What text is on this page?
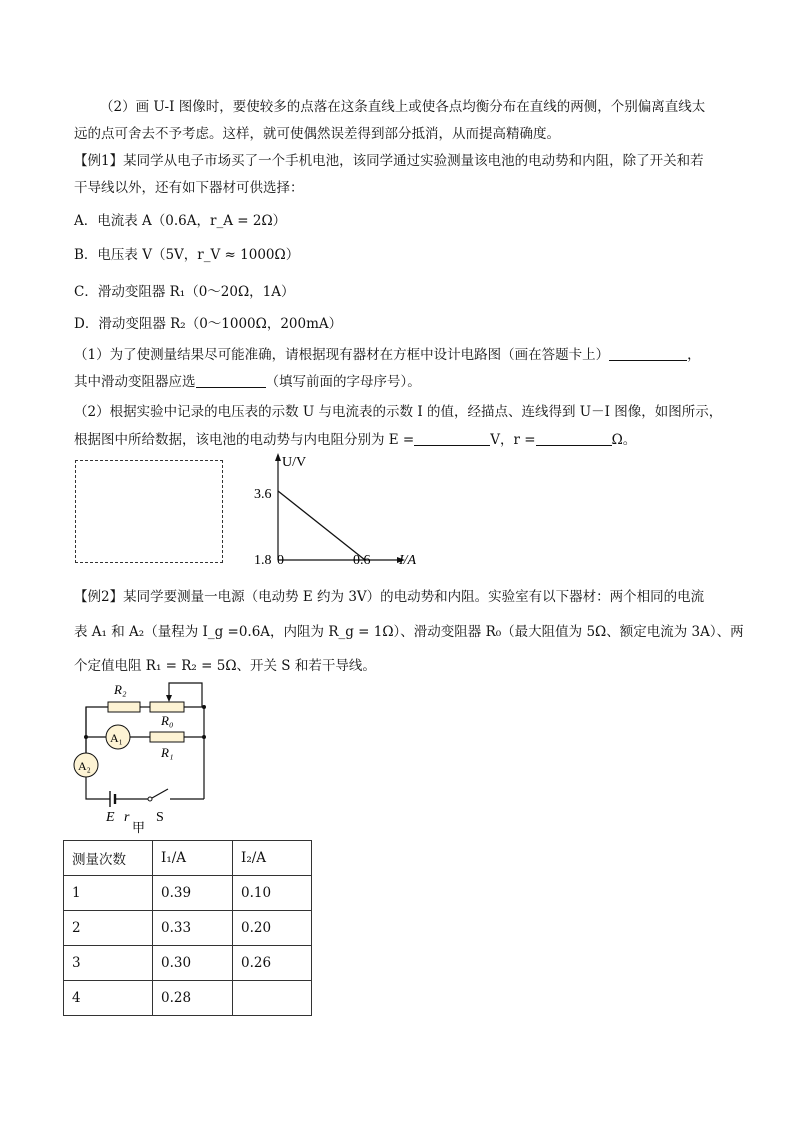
（2）画 U-I 图像时，要使较多的点落在这条直线上或使各点均衡分布在直线的两侧，个别偏离直线太
远的点可舍去不予考虑。这样，就可使偶然误差得到部分抵消，从而提高精确度。
【例1】某同学从电子市场买了一个手机电池，该同学通过实验测量该电池的电动势和内阻，除了开关和若
干导线以外，还有如下器材可供选择：
A．电流表 A（0.6A，r_A = 2Ω）
B．电压表 V（5V，r_V ≈ 1000Ω）
C．滑动变阻器 R₁（0～20Ω，1A）
D．滑动变阻器 R₂（0～1000Ω，200mA）
（1）为了使测量结果尽可能准确，请根据现有器材在方框中设计电路图（画在答题卡上）	，
其中滑动变阻器应选	（填写前面的字母序号）。
（2）根据实验中记录的电压表的示数 U 与电流表的示数 I 的值，经描点、连线得到 U－I 图像，如图所示，
根据图中所给数据，该电池的电动势与内电阻分别为 E =	V，r =	Ω。
U/V
3.6
1.8 0	0.6 I/A
【例2】某同学要测量一电源（电动势 E 约为 3V）的电动势和内阻。实验室有以下器材：两个相同的电流
表 A₁ 和 A₂（量程为 I_g =0.6A，内阻为 R_g = 1Ω）、滑动变阻器 R₀（最大阻值为 5Ω、额定电流为 3A）、两
个定值电阻 R₁ = R₂ = 5Ω、开关 S 和若干导线。
R₂
R₀
R₁
A₁
A₂
E r S
甲
测量次数	I₁/A	I₂/A
1	0.39	0.10
2	0.33	0.20
3	0.30	0.26
4	0.28	
